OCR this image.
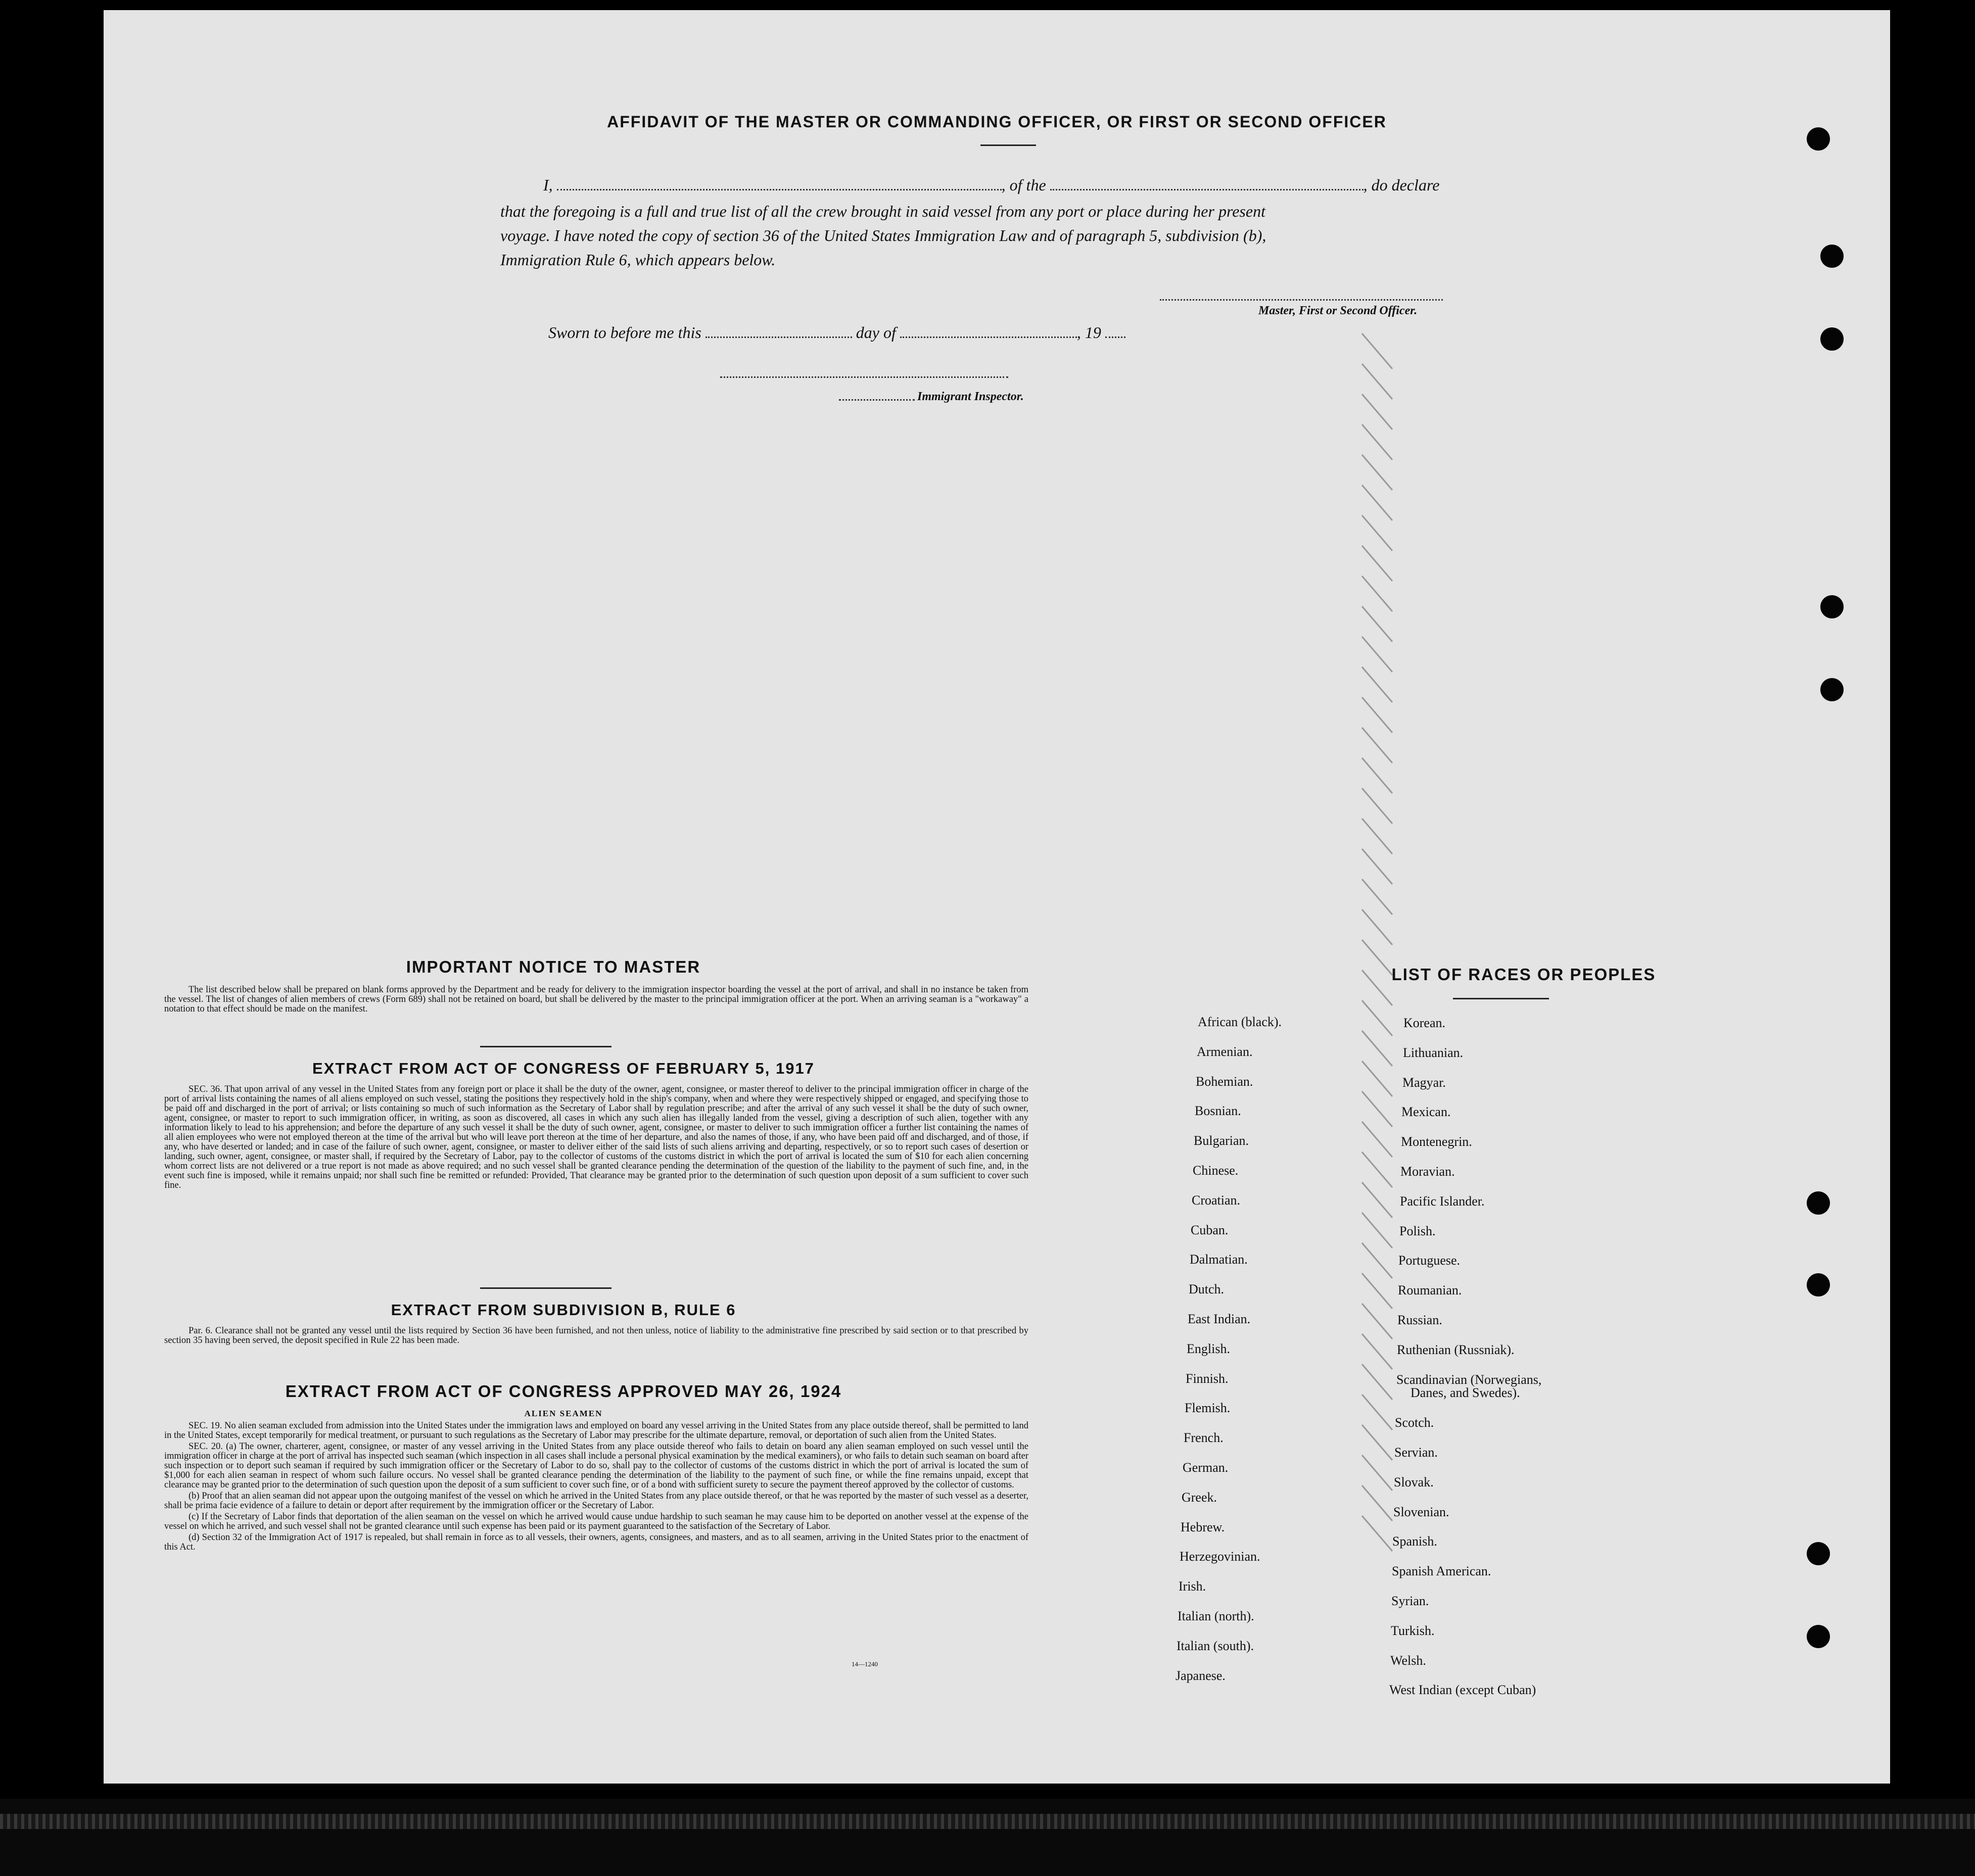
AFFIDAVIT OF THE MASTER OR COMMANDING OFFICER, OR FIRST OR SECOND OFFICER
I,	, of the	, do declare
that the foregoing is a full and true list of all the crew brought in said vessel from any port or place during her present
voyage. I have noted the copy of section 36 of the United States Immigration Law and of paragraph 5, subdivision (b),
Immigration Rule 6, which appears below.
Master, First or Second Officer.
Sworn to before me this	day of	, 19
Immigrant Inspector.
IMPORTANT NOTICE TO MASTER

The list described below shall be prepared on blank forms approved by the Department and be ready for delivery to the immigration inspector boarding the vessel at the port of arrival, and shall in no instance be taken from the vessel. The list of changes of alien members of crews (Form 689) shall not be retained on board, but shall be delivered by the master to the principal immigration officer at the port. When an arriving seaman is a "workaway" a notation to that effect should be made on the manifest.

EXTRACT FROM ACT OF CONGRESS OF FEBRUARY 5, 1917

SEC. 36. That upon arrival of any vessel in the United States from any foreign port or place it shall be the duty of the owner, agent, consignee, or master thereof to deliver to the principal immigration officer in charge of the port of arrival lists containing the names of all aliens employed on such vessel, stating the positions they respectively hold in the ship's company, when and where they were respectively shipped or engaged, and specifying those to be paid off and discharged in the port of arrival; or lists containing so much of such information as the Secretary of Labor shall by regulation prescribe; and after the arrival of any such vessel it shall be the duty of such owner, agent, consignee, or master to report to such immigration officer, in writing, as soon as discovered, all cases in which any such alien has illegally landed from the vessel, giving a description of such alien, together with any information likely to lead to his apprehension; and before the departure of any such vessel it shall be the duty of such owner, agent, consignee, or master to deliver to such immigration officer a further list containing the names of all alien employees who were not employed thereon at the time of the arrival but who will leave port thereon at the time of her departure, and also the names of those, if any, who have been paid off and discharged, and of those, if any, who have deserted or landed; and in case of the failure of such owner, agent, consignee, or master to deliver either of the said lists of such aliens arriving and departing, respectively, or so to report such cases of desertion or landing, such owner, agent, consignee, or master shall, if required by the Secretary of Labor, pay to the collector of customs of the customs district in which the port of arrival is located the sum of $10 for each alien concerning whom correct lists are not delivered or a true report is not made as above required; and no such vessel shall be granted clearance pending the determination of the question of the liability to the payment of such fine, and, in the event such fine is imposed, while it remains unpaid; nor shall such fine be remitted or refunded: Provided, That clearance may be granted prior to the determination of such question upon deposit of a sum sufficient to cover such fine.

EXTRACT FROM SUBDIVISION B, RULE 6

Par. 6. Clearance shall not be granted any vessel until the lists required by Section 36 have been furnished, and not then unless, notice of liability to the administrative fine prescribed by said section or to that prescribed by section 35 having been served, the deposit specified in Rule 22 has been made.

EXTRACT FROM ACT OF CONGRESS APPROVED MAY 26, 1924
ALIEN SEAMEN

SEC. 19. No alien seaman excluded from admission into the United States under the immigration laws and employed on board any vessel arriving in the United States from any place outside thereof, shall be permitted to land in the United States, except temporarily for medical treatment, or pursuant to such regulations as the Secretary of Labor may prescribe for the ultimate departure, removal, or deportation of such alien from the United States.

SEC. 20. (a) The owner, charterer, agent, consignee, or master of any vessel arriving in the United States from any place outside thereof who fails to detain on board any alien seaman employed on such vessel until the immigration officer in charge at the port of arrival has inspected such seaman (which inspection in all cases shall include a personal physical examination by the medical examiners), or who fails to detain such seaman on board after such inspection or to deport such seaman if required by such immigration officer or the Secretary of Labor to do so, shall pay to the collector of customs of the customs district in which the port of arrival is located the sum of $1,000 for each alien seaman in respect of whom such failure occurs. No vessel shall be granted clearance pending the determination of the liability to the payment of such fine, or while the fine remains unpaid, except that clearance may be granted prior to the determination of such question upon the deposit of a sum sufficient to cover such fine, or of a bond with sufficient surety to secure the payment thereof approved by the collector of customs.

(b) Proof that an alien seaman did not appear upon the outgoing manifest of the vessel on which he arrived in the United States from any place outside thereof, or that he was reported by the master of such vessel as a deserter, shall be prima facie evidence of a failure to detain or deport after requirement by the immigration officer or the Secretary of Labor.

(c) If the Secretary of Labor finds that deportation of the alien seaman on the vessel on which he arrived would cause undue hardship to such seaman he may cause him to be deported on another vessel at the expense of the vessel on which he arrived, and such vessel shall not be granted clearance until such expense has been paid or its payment guaranteed to the satisfaction of the Secretary of Labor.

(d) Section 32 of the Immigration Act of 1917 is repealed, but shall remain in force as to all vessels, their owners, agents, consignees, and masters, and as to all seamen, arriving in the United States prior to the enactment of this Act.

14—1240
LIST OF RACES OR PEOPLES
African (black).
Armenian.
Bohemian.
Bosnian.
Bulgarian.
Chinese.
Croatian.
Cuban.
Dalmatian.
Dutch.
East Indian.
English.
Finnish.
Flemish.
French.
German.
Greek.
Hebrew.
Herzegovinian.
Irish.
Italian (north).
Italian (south).
Japanese.
Korean.
Lithuanian.
Magyar.
Mexican.
Montenegrin.
Moravian.
Pacific Islander.
Polish.
Portuguese.
Roumanian.
Russian.
Ruthenian (Russniak).
Scandinavian (Norwegians,
Danes, and Swedes).
Scotch.
Servian.
Slovak.
Slovenian.
Spanish.
Spanish American.
Syrian.
Turkish.
Welsh.
West Indian (except Cuban)
